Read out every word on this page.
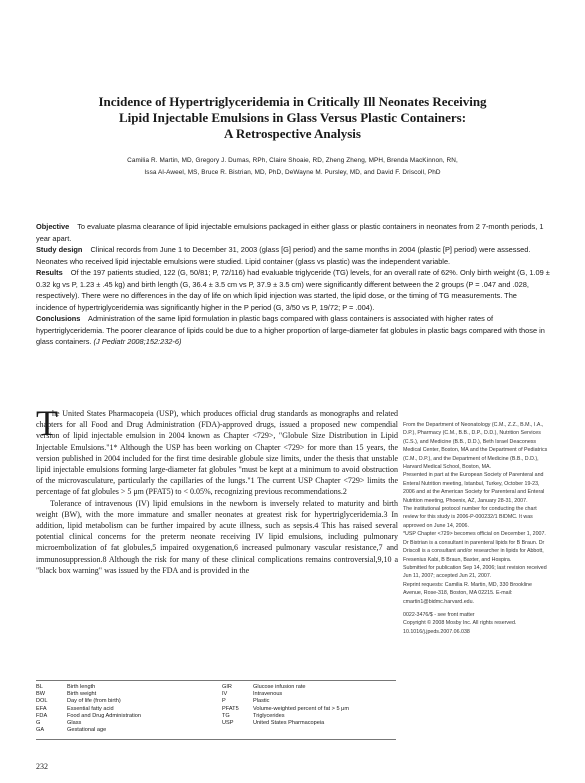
Incidence of Hypertriglyceridemia in Critically Ill Neonates Receiving
Lipid Injectable Emulsions in Glass Versus Plastic Containers:
A Retrospective Analysis
Camilia R. Martin, MD, Gregory J. Dumas, RPh, Claire Shoaie, RD, Zheng Zheng, MPH, Brenda MacKinnon, RN,
Issa Al-Aweel, MS, Bruce R. Bistrian, MD, PhD, DeWayne M. Pursley, MD, and David F. Driscoll, PhD

Objective To evaluate plasma clearance of lipid injectable emulsions packaged in either glass or plastic containers in neonates from 2 7-month periods, 1 year apart.

Study design Clinical records from June 1 to December 31, 2003 (glass [G] period) and the same months in 2004 (plastic [P] period) were assessed. Neonates who received lipid injectable emulsions were studied. Lipid container (glass vs plastic) was the independent variable.

Results Of the 197 patients studied, 122 (G, 50/81; P, 72/116) had evaluable triglyceride (TG) levels, for an overall rate of 62%. Only birth weight (G, 1.09 ± 0.32 kg vs P, 1.23 ± .45 kg) and birth length (G, 36.4 ± 3.5 cm vs P, 37.9 ± 3.5 cm) were significantly different between the 2 groups (P = .047 and .028, respectively). There were no differences in the day of life on which lipid injection was started, the lipid dose, or the timing of TG measurements. The incidence of hypertriglyceridemia was significantly higher in the P period (G, 3/50 vs P, 19/72; P = .004).

Conclusions Administration of the same lipid formulation in plastic bags compared with glass containers is associated with higher rates of hypertriglyceridemia. The poorer clearance of lipids could be due to a higher proportion of large-diameter fat globules in plastic bags compared with those in glass containers. (J Pediatr 2008;152:232-6)

T

he United States Pharmacopeia (USP), which produces official drug standards as monographs and related chapters for all Food and Drug Administration (FDA)-approved drugs, issued a proposed new compendial version of lipid injectable emulsion in 2004 known as Chapter <729>, "Globule Size Distribution in Lipid Injectable Emulsions."1* Although the USP has been working on Chapter <729> for more than 15 years, the version published in 2004 included for the first time desirable globule size limits, under the thesis that unstable lipid injectable emulsions forming large-diameter fat globules "must be kept at a minimum to avoid obstruction of the microvasculature, particularly the capillaries of the lungs."1 The current USP Chapter <729> limits the percentage of fat globules > 5 μm (PFAT5) to < 0.05%, recognizing previous recommendations.2

Tolerance of intravenous (IV) lipid emulsions in the newborn is inversely related to maturity and birth weight (BW), with the more immature and smaller neonates at greatest risk for hypertriglyceridemia.3 In addition, lipid metabolism can be further impaired by acute illness, such as sepsis.4 This has raised several potential clinical concerns for the preterm neonate receiving IV lipid emulsions, including pulmonary microembolization of fat globules,5 impaired oxygenation,6 increased pulmonary vascular resistance,7 and immunosuppression.8 Although the risk for many of these clinical complications remains controversial,9,10 a "black box warning" was issued by the FDA and is provided in the

From the Department of Neonatology (C.M., Z.Z., B.M., I.A., D.P.), Pharmacy (C.M., B.B., D.P., D.D.), Nutrition Services (C.S.), and Medicine (B.B., D.D.), Beth Israel Deaconess Medical Center, Boston, MA and the Department of Pediatrics (C.M., D.P.), and the Department of Medicine (B.B., D.D.), Harvard Medical School, Boston, MA.

Presented in part at the European Society of Parenteral and Enteral Nutrition meeting, Istanbul, Turkey, October 19-23, 2006 and at the American Society for Parenteral and Enteral Nutrition meeting, Phoenix, AZ, January 28-31, 2007.

The institutional protocol number for conducting the chart review for this study is 2006-P-000232/1 BIDMC. It was approved on June 14, 2006.

*USP Chapter <729> becomes official on December 1, 2007.

Dr Bistrian is a consultant in parenteral lipids for B Braun. Dr Driscoll is a consultant and/or researcher in lipids for Abbott, Fresenius Kabi, B Braun, Baxter, and Hospira.

Submitted for publication Sep 14, 2006; last revision received Jun 11, 2007; accepted Jun 21, 2007.

Reprint requests: Camilia R. Martin, MD, 330 Brookline Avenue, Rose-318, Boston, MA 02215. E-mail: cmartin1@bidmc.harvard.edu.

0022-3476/$ - see front matter

Copyright © 2008 Mosby Inc. All rights reserved.

10.1016/j.jpeds.2007.06.038

BL	Birth length
BW	Birth weight
DOL	Day of life (from birth)
EFA	Essential fatty acid
FDA	Food and Drug Administration
G	Glass
GA	Gestational age
GIR	Glucose infusion rate
IV	Intravenous
P	Plastic
PFAT5	Volume-weighted percent of fat > 5 μm
TG	Triglycerides
USP	United States Pharmacopeia
232
